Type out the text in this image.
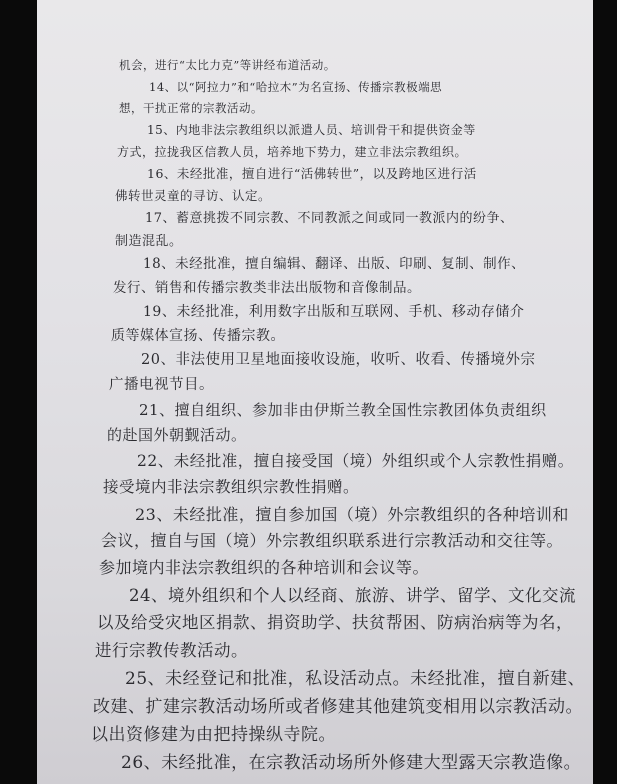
机会，进行“太比力克”等讲经布道活动。
14、以“阿拉力”和“哈拉木”为名宣扬、传播宗教极端思
想，干扰正常的宗教活动。
15、内地非法宗教组织以派遣人员、培训骨干和提供资金等
方式，拉拢我区信教人员，培养地下势力，建立非法宗教组织。
16、未经批准，擅自进行“活佛转世”，以及跨地区进行活
佛转世灵童的寻访、认定。
17、蓄意挑拨不同宗教、不同教派之间或同一教派内的纷争、
制造混乱。
18、未经批准，擅自编辑、翻译、出版、印刷、复制、制作、
发行、销售和传播宗教类非法出版物和音像制品。
19、未经批准，利用数字出版和互联网、手机、移动存储介
质等媒体宣扬、传播宗教。
20、非法使用卫星地面接收设施，收听、收看、传播境外宗
广播电视节目。
21、擅自组织、参加非由伊斯兰教全国性宗教团体负责组织
的赴国外朝觐活动。
22、未经批准，擅自接受国（境）外组织或个人宗教性捐赠。
接受境内非法宗教组织宗教性捐赠。
23、未经批准，擅自参加国（境）外宗教组织的各种培训和
会议，擅自与国（境）外宗教组织联系进行宗教活动和交往等。
参加境内非法宗教组织的各种培训和会议等。
24、境外组织和个人以经商、旅游、讲学、留学、文化交流
以及给受灾地区捐款、捐资助学、扶贫帮困、防病治病等为名，
进行宗教传教活动。
25、未经登记和批准，私设活动点。未经批准，擅自新建、
改建、扩建宗教活动场所或者修建其他建筑变相用以宗教活动。
以出资修建为由把持操纵寺院。
26、未经批准，在宗教活动场所外修建大型露天宗教造像。
